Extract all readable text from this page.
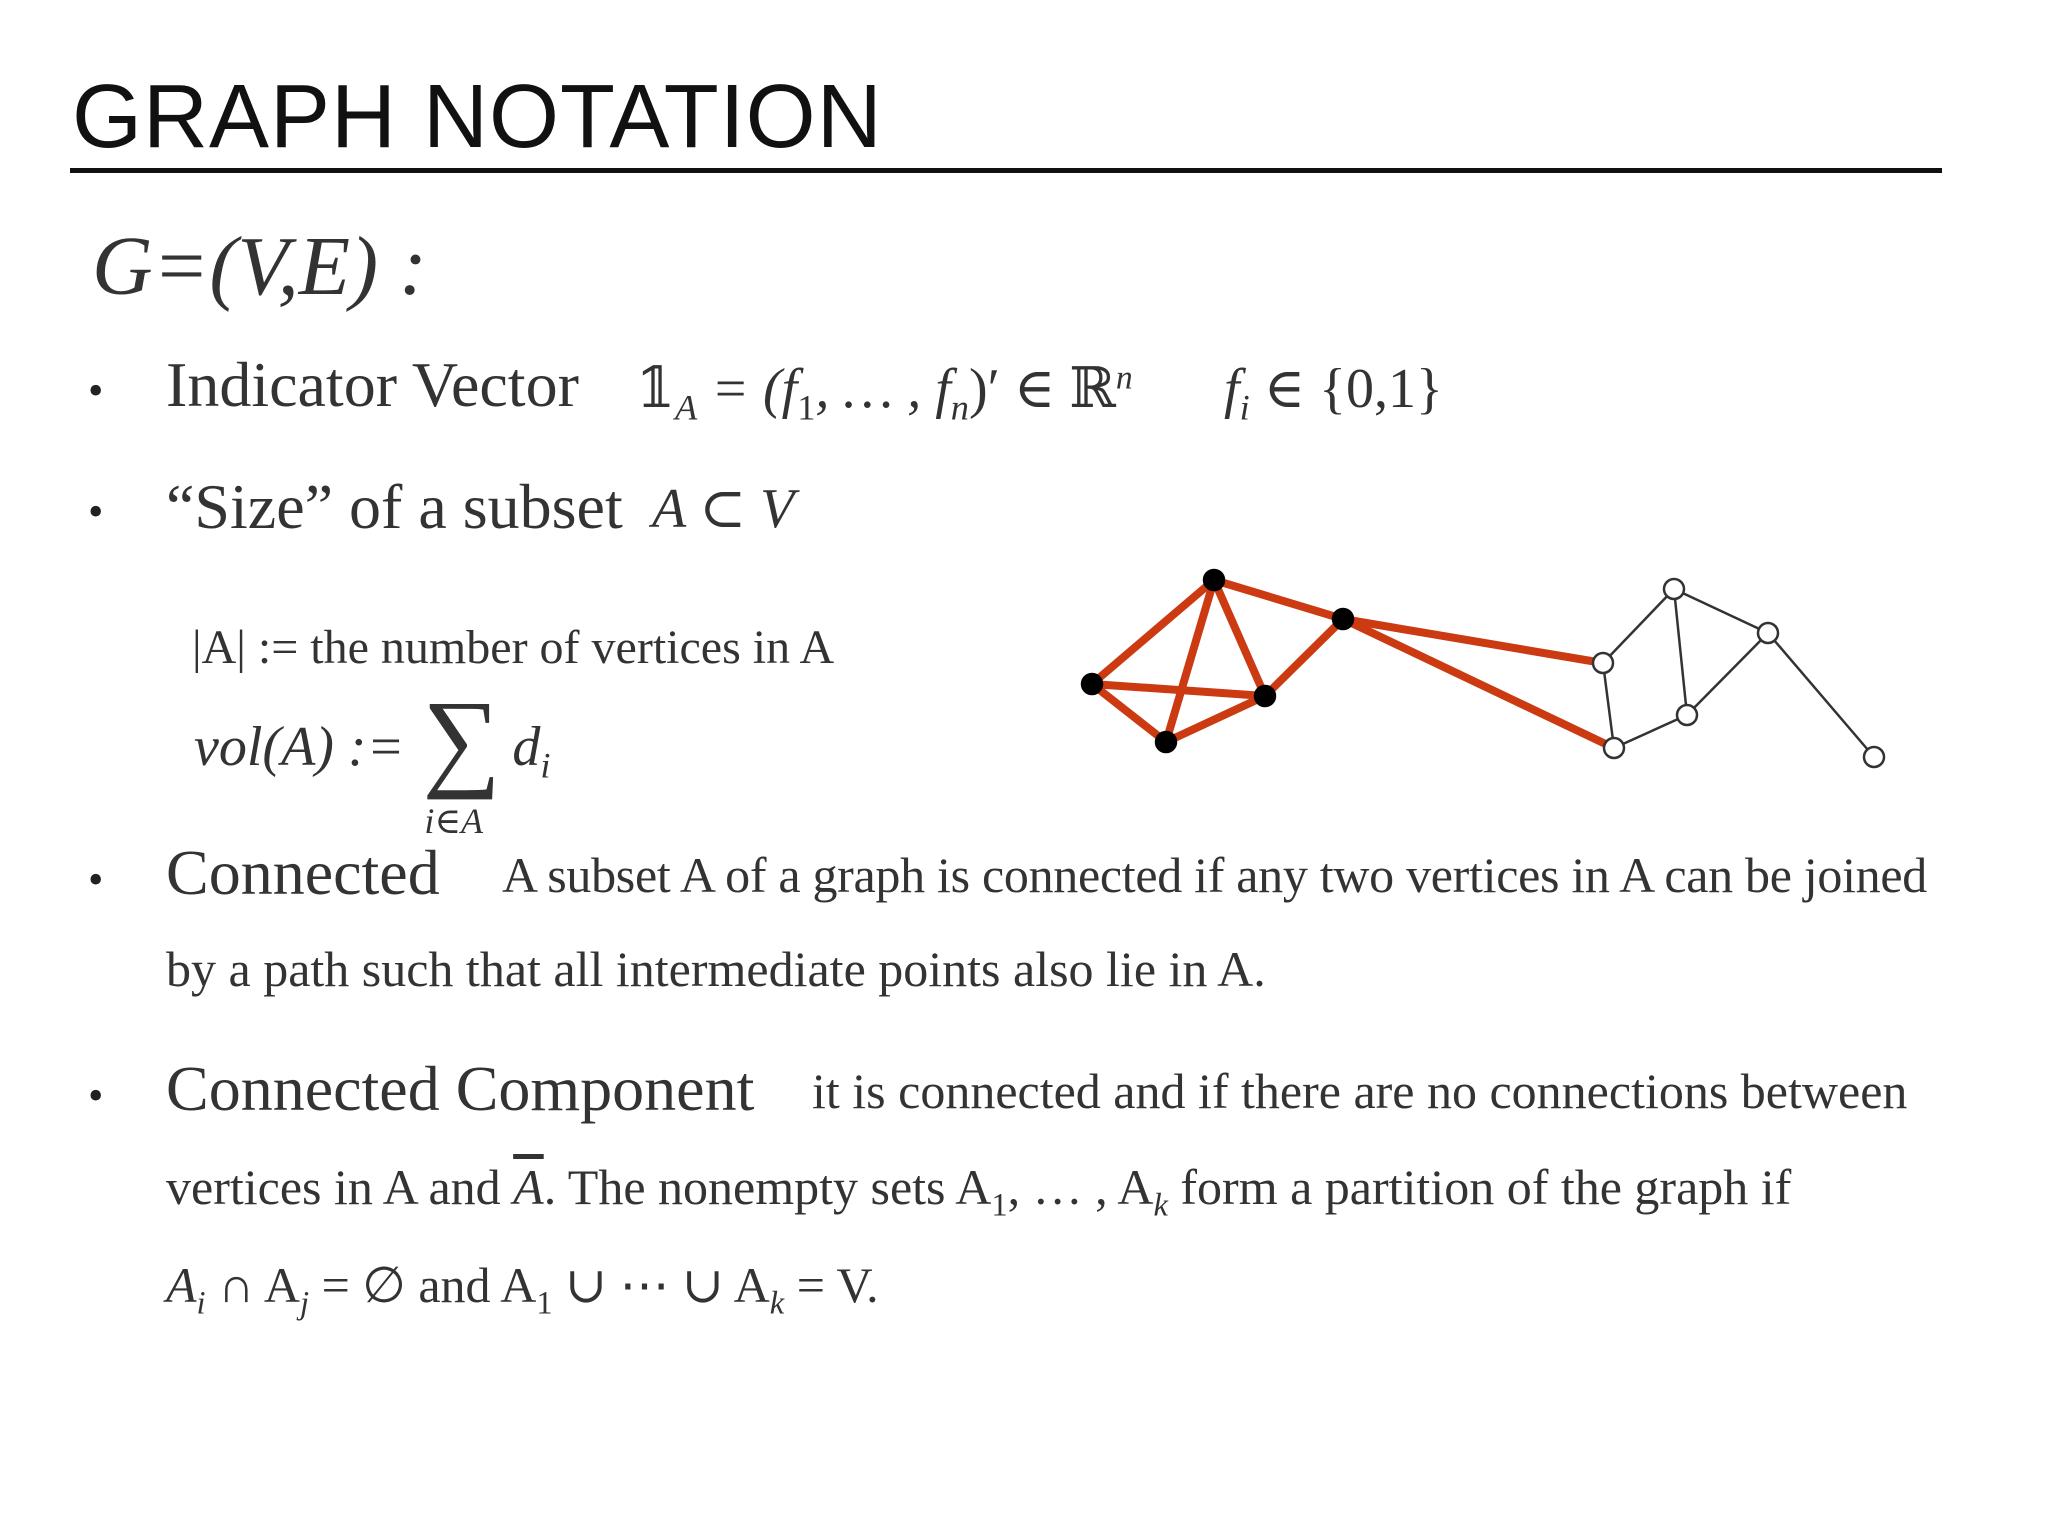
GRAPH NOTATION
G=(V,E) :
• Indicator Vector $𝟙_A = (f_1$, … , $f_n)'$ ∈ ℝ$^n$ $f_i$ ∈ {0,1}
• “Size” of a subset A ⊂ V
|A| := the number of vertices in A
vol(A) := ∑
i∈A
$d_i$
• Connected A subset A of a graph is connected if any two vertices in A can be joined
by a path such that all intermediate points also lie in A.
• Connected Component it is connected and if there are no connections between
vertices in A and $\overline{A}$. The nonempty sets $A_1$, … , $A_k$ form a partition of the graph if
$A_i$ ∩ $A_j$ = ∅ and $A_1$ ∪ ⋯ ∪ $A_k = V$.
